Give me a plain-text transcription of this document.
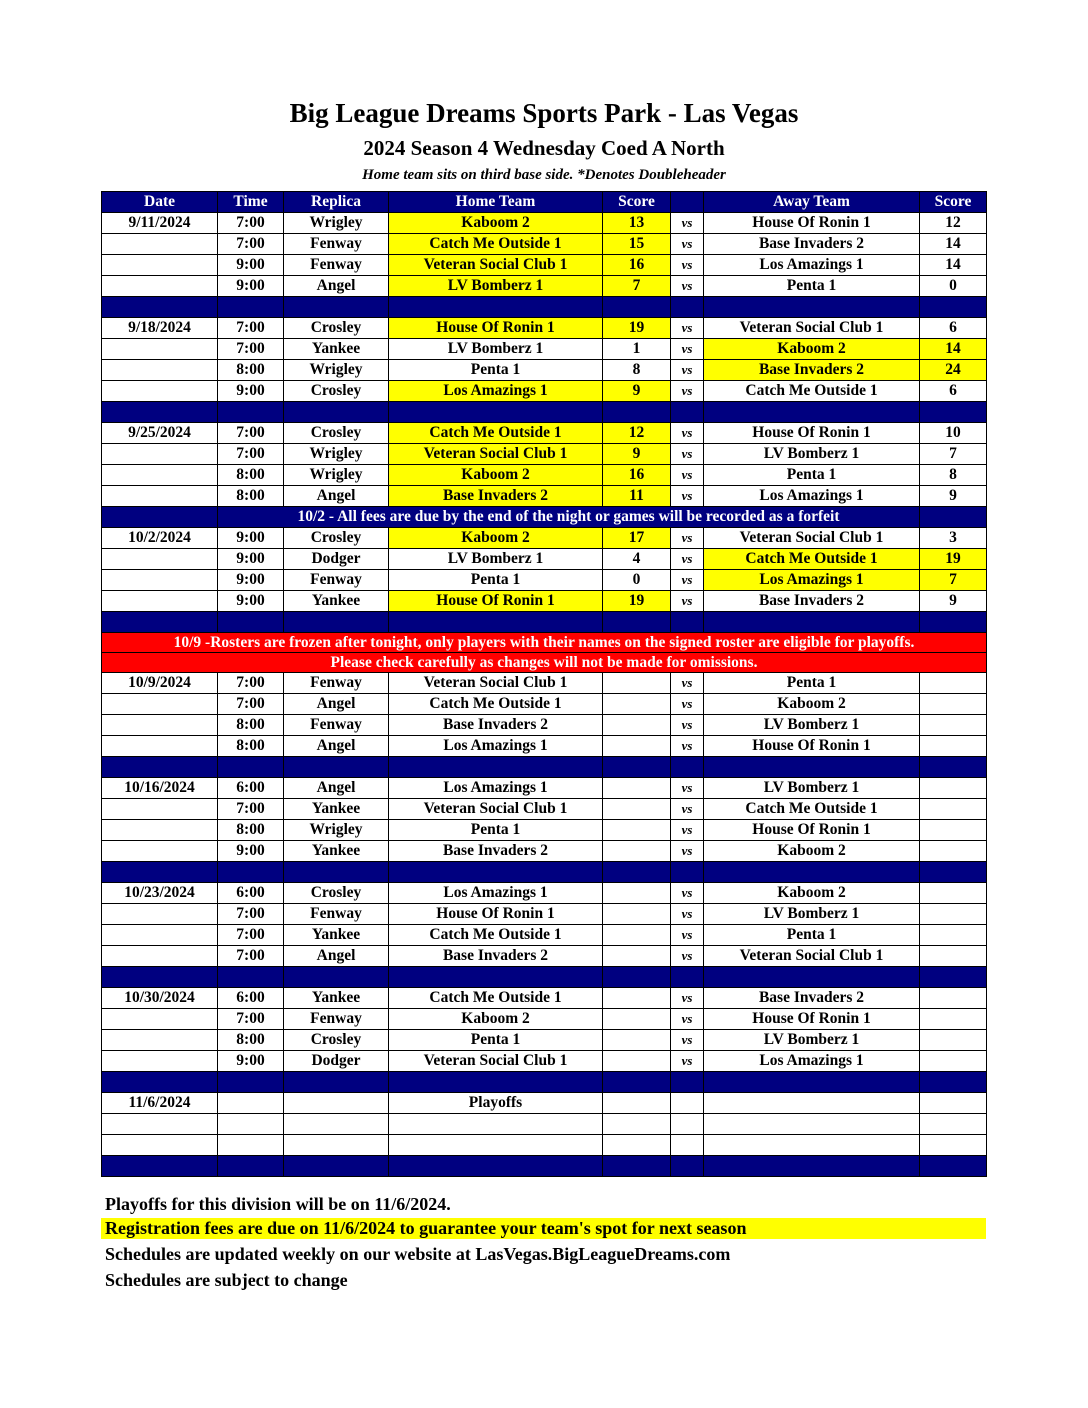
Big League Dreams Sports Park - Las Vegas
2024 Season 4 Wednesday Coed A North
Home team sits on third base side. *Denotes Doubleheader
Date	Time	Replica	Home Team	Score		Away Team	Score
9/11/2024	7:00	Wrigley	Kaboom 2	13	vs	House Of Ronin 1	12
	7:00	Fenway	Catch Me Outside 1	15	vs	Base Invaders 2	14
	9:00	Fenway	Veteran Social Club 1	16	vs	Los Amazings 1	14
	9:00	Angel	LV Bomberz 1	7	vs	Penta 1	0

9/18/2024	7:00	Crosley	House Of Ronin 1	19	vs	Veteran Social Club 1	6
	7:00	Yankee	LV Bomberz 1	1	vs	Kaboom 2	14
	8:00	Wrigley	Penta 1	8	vs	Base Invaders 2	24
	9:00	Crosley	Los Amazings 1	9	vs	Catch Me Outside 1	6

9/25/2024	7:00	Crosley	Catch Me Outside 1	12	vs	House Of Ronin 1	10
	7:00	Wrigley	Veteran Social Club 1	9	vs	LV Bomberz 1	7
	8:00	Wrigley	Kaboom 2	16	vs	Penta 1	8
	8:00	Angel	Base Invaders 2	11	vs	Los Amazings 1	9
	10/2 - All fees are due by the end of the night or games will be recorded as a forfeit						
10/2/2024	9:00	Crosley	Kaboom 2	17	vs	Veteran Social Club 1	3
	9:00	Dodger	LV Bomberz 1	4	vs	Catch Me Outside 1	19
	9:00	Fenway	Penta 1	0	vs	Los Amazings 1	7
	9:00	Yankee	House Of Ronin 1	19	vs	Base Invaders 2	9

10/9 -Rosters are frozen after tonight, only players with their names on the signed roster are eligible for playoffs.							
Please check carefully as changes will not be made for omissions.							
10/9/2024	7:00	Fenway	Veteran Social Club 1		vs	Penta 1	
	7:00	Angel	Catch Me Outside 1		vs	Kaboom 2	
	8:00	Fenway	Base Invaders 2		vs	LV Bomberz 1	
	8:00	Angel	Los Amazings 1		vs	House Of Ronin 1	

10/16/2024	6:00	Angel	Los Amazings 1		vs	LV Bomberz 1	
	7:00	Yankee	Veteran Social Club 1		vs	Catch Me Outside 1	
	8:00	Wrigley	Penta 1		vs	House Of Ronin 1	
	9:00	Yankee	Base Invaders 2		vs	Kaboom 2	

10/23/2024	6:00	Crosley	Los Amazings 1		vs	Kaboom 2	
	7:00	Fenway	House Of Ronin 1		vs	LV Bomberz 1	
	7:00	Yankee	Catch Me Outside 1		vs	Penta 1	
	7:00	Angel	Base Invaders 2		vs	Veteran Social Club 1	

10/30/2024	6:00	Yankee	Catch Me Outside 1		vs	Base Invaders 2	
	7:00	Fenway	Kaboom 2		vs	House Of Ronin 1	
	8:00	Crosley	Penta 1		vs	LV Bomberz 1	
	9:00	Dodger	Veteran Social Club 1		vs	Los Amazings 1	

11/6/2024			Playoffs				

Playoffs for this division will be on 11/6/2024.
Registration fees are due on 11/6/2024 to guarantee your team's spot for next season
Schedules are updated weekly on our website at LasVegas.BigLeagueDreams.com
Schedules are subject to change
